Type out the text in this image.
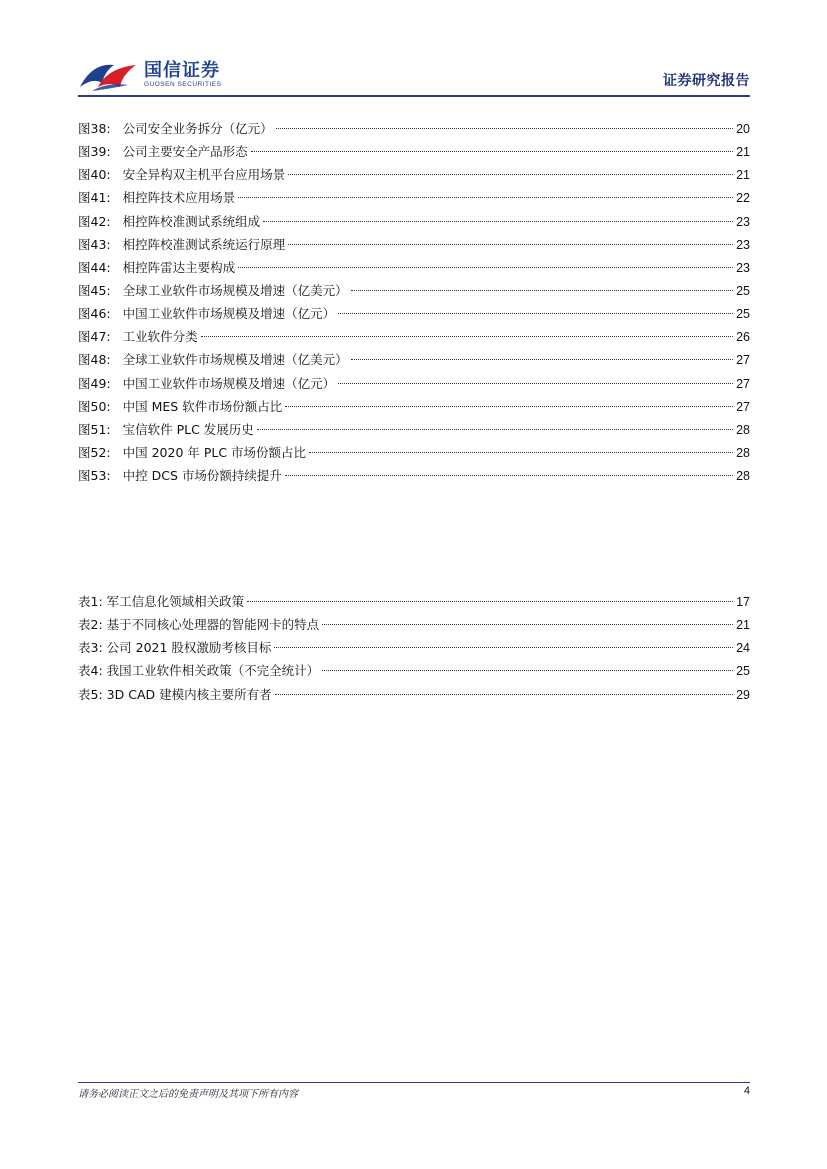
国信证券
GUOSEN SECURITIES	证券研究报告
图38: 公司安全业务拆分（亿元）	20
图39: 公司主要安全产品形态	21
图40: 安全异构双主机平台应用场景	21
图41: 相控阵技术应用场景	22
图42: 相控阵校准测试系统组成	23
图43: 相控阵校准测试系统运行原理	23
图44: 相控阵雷达主要构成	23
图45: 全球工业软件市场规模及增速（亿美元）	25
图46: 中国工业软件市场规模及增速（亿元）	25
图47: 工业软件分类	26
图48: 全球工业软件市场规模及增速（亿美元）	27
图49: 中国工业软件市场规模及增速（亿元）	27
图50: 中国 MES 软件市场份额占比	27
图51: 宝信软件 PLC 发展历史	28
图52: 中国 2020 年 PLC 市场份额占比	28
图53: 中控 DCS 市场份额持续提升	28
表1: 军工信息化领域相关政策	17
表2: 基于不同核心处理器的智能网卡的特点	21
表3: 公司 2021 股权激励考核目标	24
表4: 我国工业软件相关政策（不完全统计）	25
表5: 3D CAD 建模内核主要所有者	29
请务必阅读正文之后的免责声明及其项下所有内容	4
